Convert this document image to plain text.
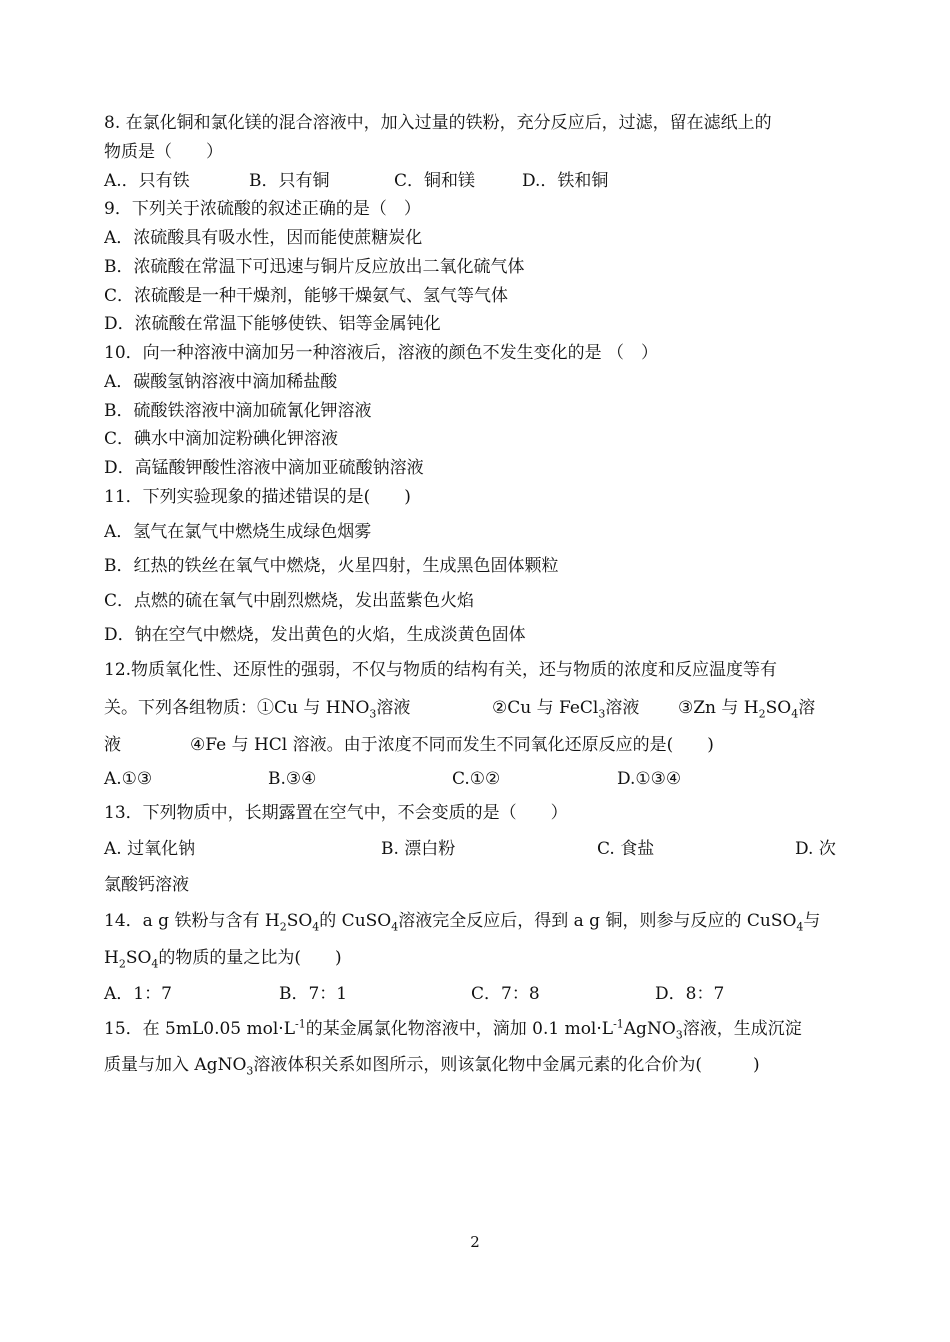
8. 在氯化铜和氯化镁的混合溶液中，加入过量的铁粉，充分反应后，过滤，留在滤纸上的
物质是（　　）
A.．只有铁	B．只有铜	C．铜和镁	D.．铁和铜
9．下列关于浓硫酸的叙述正确的是（　）
A．浓硫酸具有吸水性，因而能使蔗糖炭化
B．浓硫酸在常温下可迅速与铜片反应放出二氧化硫气体
C．浓硫酸是一种干燥剂，能够干燥氨气、氢气等气体
D．浓硫酸在常温下能够使铁、铝等金属钝化
10．向一种溶液中滴加另一种溶液后，溶液的颜色不发生变化的是 （　）
A．碳酸氢钠溶液中滴加稀盐酸
B．硫酸铁溶液中滴加硫氰化钾溶液
C．碘水中滴加淀粉碘化钾溶液
D．高锰酸钾酸性溶液中滴加亚硫酸钠溶液
11．下列实验现象的描述错误的是(　　)
A．氢气在氯气中燃烧生成绿色烟雾
B．红热的铁丝在氧气中燃烧，火星四射，生成黑色固体颗粒
C．点燃的硫在氧气中剧烈燃烧，发出蓝紫色火焰
D．钠在空气中燃烧，发出黄色的火焰，生成淡黄色固体
12.物质氧化性、还原性的强弱，不仅与物质的结构有关，还与物质的浓度和反应温度等有
关。下列各组物质：①Cu 与 $HNO_3$溶液	②Cu 与 FeCl$_3$溶液 ③Zn 与 $H_2SO_4$溶
液	④Fe 与 HCl 溶液。由于浓度不同而发生不同氧化还原反应的是(　　)
A.①③	B.③④	C.①②	D.①③④
13．下列物质中，长期露置在空气中，不会变质的是（　　）
A. 过氧化钠	B. 漂白粉	C. 食盐	D. 次
氯酸钙溶液
14．a g 铁粉与含有 $H_2SO_4$的 CuSO$_4$溶液完全反应后，得到 a g 铜，则参与反应的 CuSO$_4$与
$H_2SO_4$的物质的量之比为(　　)
A．1：7	B．7：1	C．7：8	D．8：7
15．在 5mL0.05 $mol\cdot L^{-1}$的某金属氯化物溶液中，滴加 0.1 $mol\cdot L^{-1}AgNO_3$溶液，生成沉淀
质量与加入 AgNO$_3$溶液体积关系如图所示，则该氯化物中金属元素的化合价为(　　　)
2
